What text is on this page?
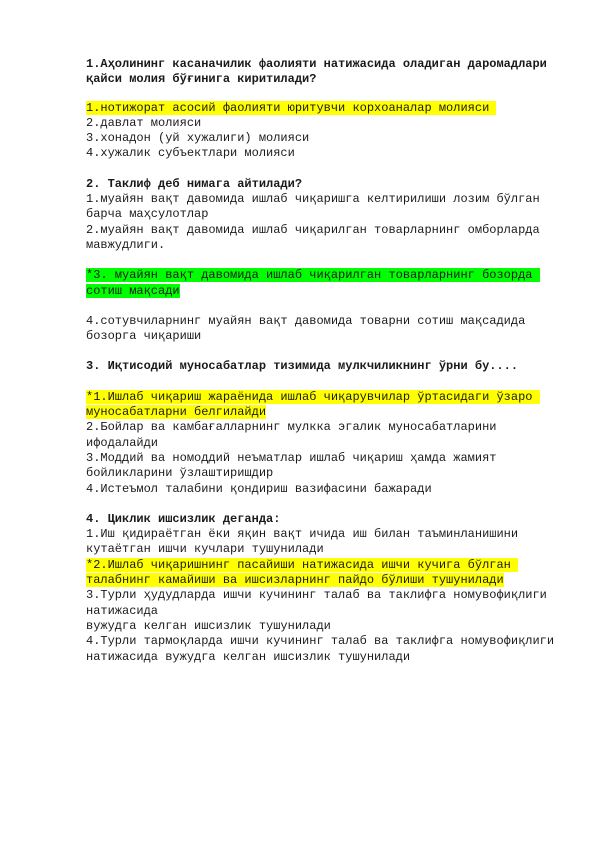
1.Аҳолининг касаначилик фаолияти натижасида оладиган даромадлари қайси молия бўғинига киритилади?

1.нотижорат асосий фаолияти юритувчи корхоаналар молияси

2.давлат молияси

3.хонадон (уй хужалиги) молияси

4.хужалик субъектлари молияси

2. Таклиф деб нимага айтилади?

1.муайян вақт давомида ишлаб чиқаришга келтирилиши лозим бўлган барча маҳсулотлар

2.муайян вақт давомида ишлаб чиқарилган товарларнинг омборларда мавжудлиги.

*3. муайян вақт давомида ишлаб чиқарилган товарларнинг бозорда сотиш мақсади

4.сотувчиларнинг муайян вақт давомида товарни сотиш мақсадида бозорга чиқариши

3. Иқтисодий муносабатлар тизимида мулкчиликнинг ўрни бу....

*1.Ишлаб чиқариш жараёнида ишлаб чиқарувчилар ўртасидаги ўзаро муносабатларни белгилайди

2.Бойлар ва камбағалларнинг мулкка эгалик муносабатларини ифодалайди

3.Моддий ва номоддий неъматлар ишлаб чиқариш ҳамда жамият бойликларини ўзлаштиришдир

4.Истеъмол талабини қондириш вазифасини бажаради

4. Циклик ишсизлик деганда:

1.Иш қидираётган ёки яқин вақт ичида иш билан таъминланишини кутаётган ишчи кучлари тушунилади

*2.Ишлаб чиқаришнинг пасайиши натижасида ишчи кучига бўлган талабнинг камайиши ва ишсизларнинг пайдо бўлиши тушунилади

3.Турли ҳудудларда ишчи кучининг талаб ва таклифга номувофиқлиги натижасида

вужудга келган ишсизлик тушунилади

4.Турли тармоқларда ишчи кучининг талаб ва таклифга номувофиқлиги натижасида вужудга келган ишсизлик тушунилади
